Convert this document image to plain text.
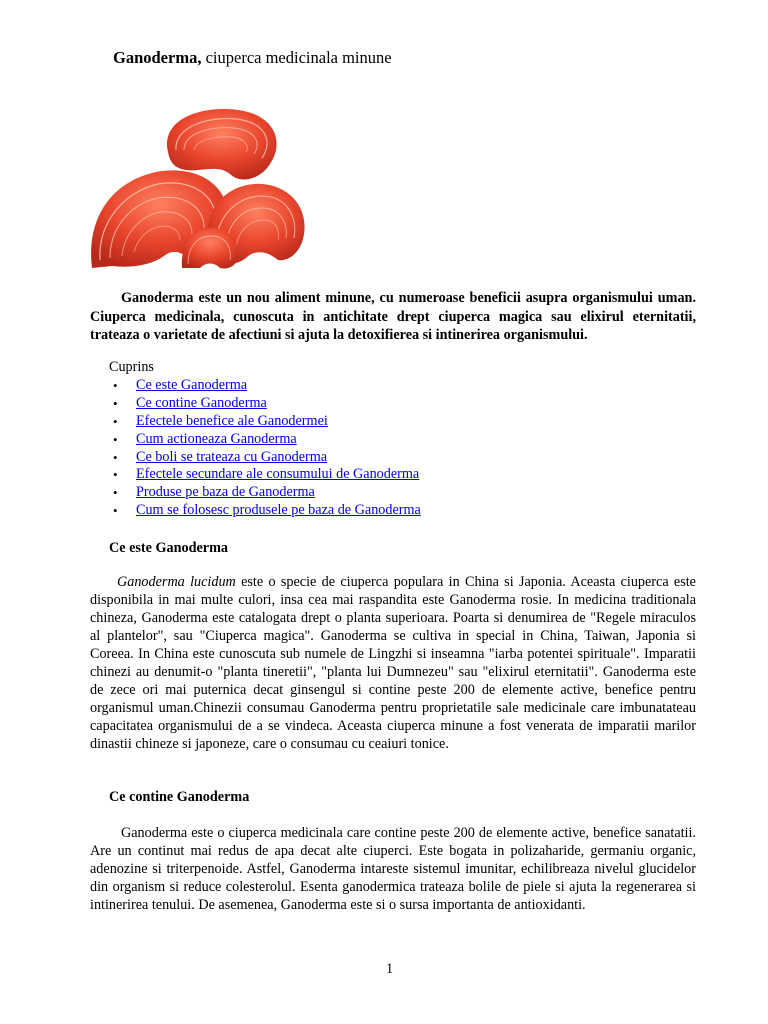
Ganoderma, ciuperca medicinala minune

Ganoderma este un nou aliment minune, cu numeroase beneficii asupra organismului uman. Ciuperca medicinala, cunoscuta in antichitate drept ciuperca magica sau elixirul eternitatii, trateaza o varietate de afectiuni si ajuta la detoxifierea si intinerirea organismului.

Cuprins
• Ce este Ganoderma
• Ce contine Ganoderma
• Efectele benefice ale Ganodermei
• Cum actioneaza Ganoderma
• Ce boli se trateaza cu Ganoderma
• Efectele secundare ale consumului de Ganoderma
• Produse pe baza de Ganoderma
• Cum se folosesc produsele pe baza de Ganoderma
Ce este Ganoderma

Ganoderma lucidum este o specie de ciuperca populara in China si Japonia. Aceasta ciuperca este disponibila in mai multe culori, insa cea mai raspandita este Ganoderma rosie. In medicina traditionala chineza, Ganoderma este catalogata drept o planta superioara. Poarta si denumirea de "Regele miraculos al plantelor", sau "Ciuperca magica". Ganoderma se cultiva in special in China, Taiwan, Japonia si Coreea. In China este cunoscuta sub numele de Lingzhi si inseamna "iarba potentei spirituale". Imparatii chinezi au denumit-o "planta tineretii", "planta lui Dumnezeu" sau "elixirul eternitatii". Ganoderma este de zece ori mai puternica decat ginsengul si contine peste 200 de elemente active, benefice pentru organismul uman.Chinezii consumau Ganoderma pentru proprietatile sale medicinale care imbunatateau capacitatea organismului de a se vindeca. Aceasta ciuperca minune a fost venerata de imparatii marilor dinastii chineze si japoneze, care o consumau cu ceaiuri tonice.

Ce contine Ganoderma

Ganoderma este o ciuperca medicinala care contine peste 200 de elemente active, benefice sanatatii. Are un continut mai redus de apa decat alte ciuperci. Este bogata in polizaharide, germaniu organic, adenozine si triterpenoide. Astfel, Ganoderma intareste sistemul imunitar, echilibreaza nivelul glucidelor din organism si reduce colesterolul. Esenta ganodermica trateaza bolile de piele si ajuta la regenerarea si intinerirea tenului. De asemenea, Ganoderma este si o sursa importanta de antioxidanti.

1
